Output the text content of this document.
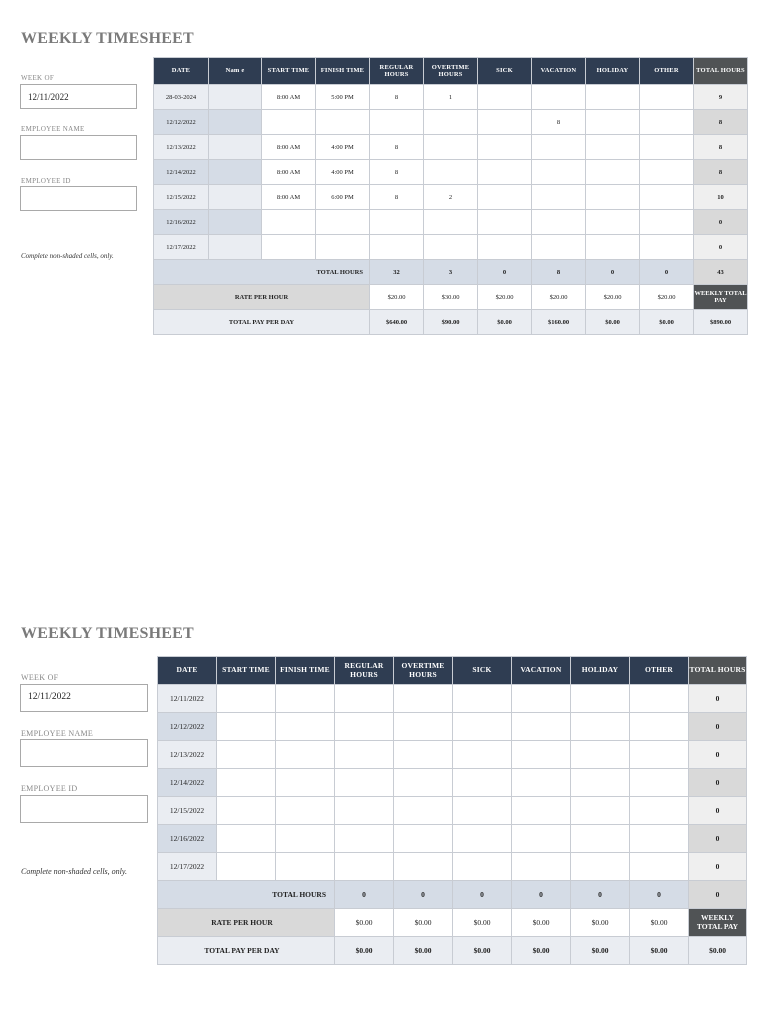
WEEKLY TIMESHEET
WEEK OF
12/11/2022
EMPLOYEE NAME
EMPLOYEE ID
Complete non-shaded cells, only.
DATE	Nam e	START TIME	FINISH TIME	REGULAR HOURS	OVERTIME HOURS	SICK	VACATION	HOLIDAY	OTHER	TOTAL HOURS
28-03-2024		8:00 AM	5:00 PM	8	1					9
12/12/2022							8			8
12/13/2022		8:00 AM	4:00 PM	8						8
12/14/2022		8:00 AM	4:00 PM	8						8
12/15/2022		8:00 AM	6:00 PM	8	2					10
12/16/2022										0
12/17/2022										0
TOTAL HOURS				32	3	0	8	0	0	43
RATE PER HOUR				$20.00	$30.00	$20.00	$20.00	$20.00	$20.00	WEEKLY TOTAL PAY
TOTAL PAY PER DAY				$640.00	$90.00	$0.00	$160.00	$0.00	$0.00	$890.00
WEEKLY TIMESHEET
WEEK OF
12/11/2022
EMPLOYEE NAME
EMPLOYEE ID
Complete non-shaded cells, only.
DATE	START TIME	FINISH TIME	REGULAR HOURS	OVERTIME HOURS	SICK	VACATION	HOLIDAY	OTHER	TOTAL HOURS
12/11/2022									0
12/12/2022									0
12/13/2022									0
12/14/2022									0
12/15/2022									0
12/16/2022									0
12/17/2022									0
TOTAL HOURS			0	0	0	0	0	0	0
RATE PER HOUR			$0.00	$0.00	$0.00	$0.00	$0.00	$0.00	WEEKLY TOTAL PAY
TOTAL PAY PER DAY			$0.00	$0.00	$0.00	$0.00	$0.00	$0.00	$0.00
